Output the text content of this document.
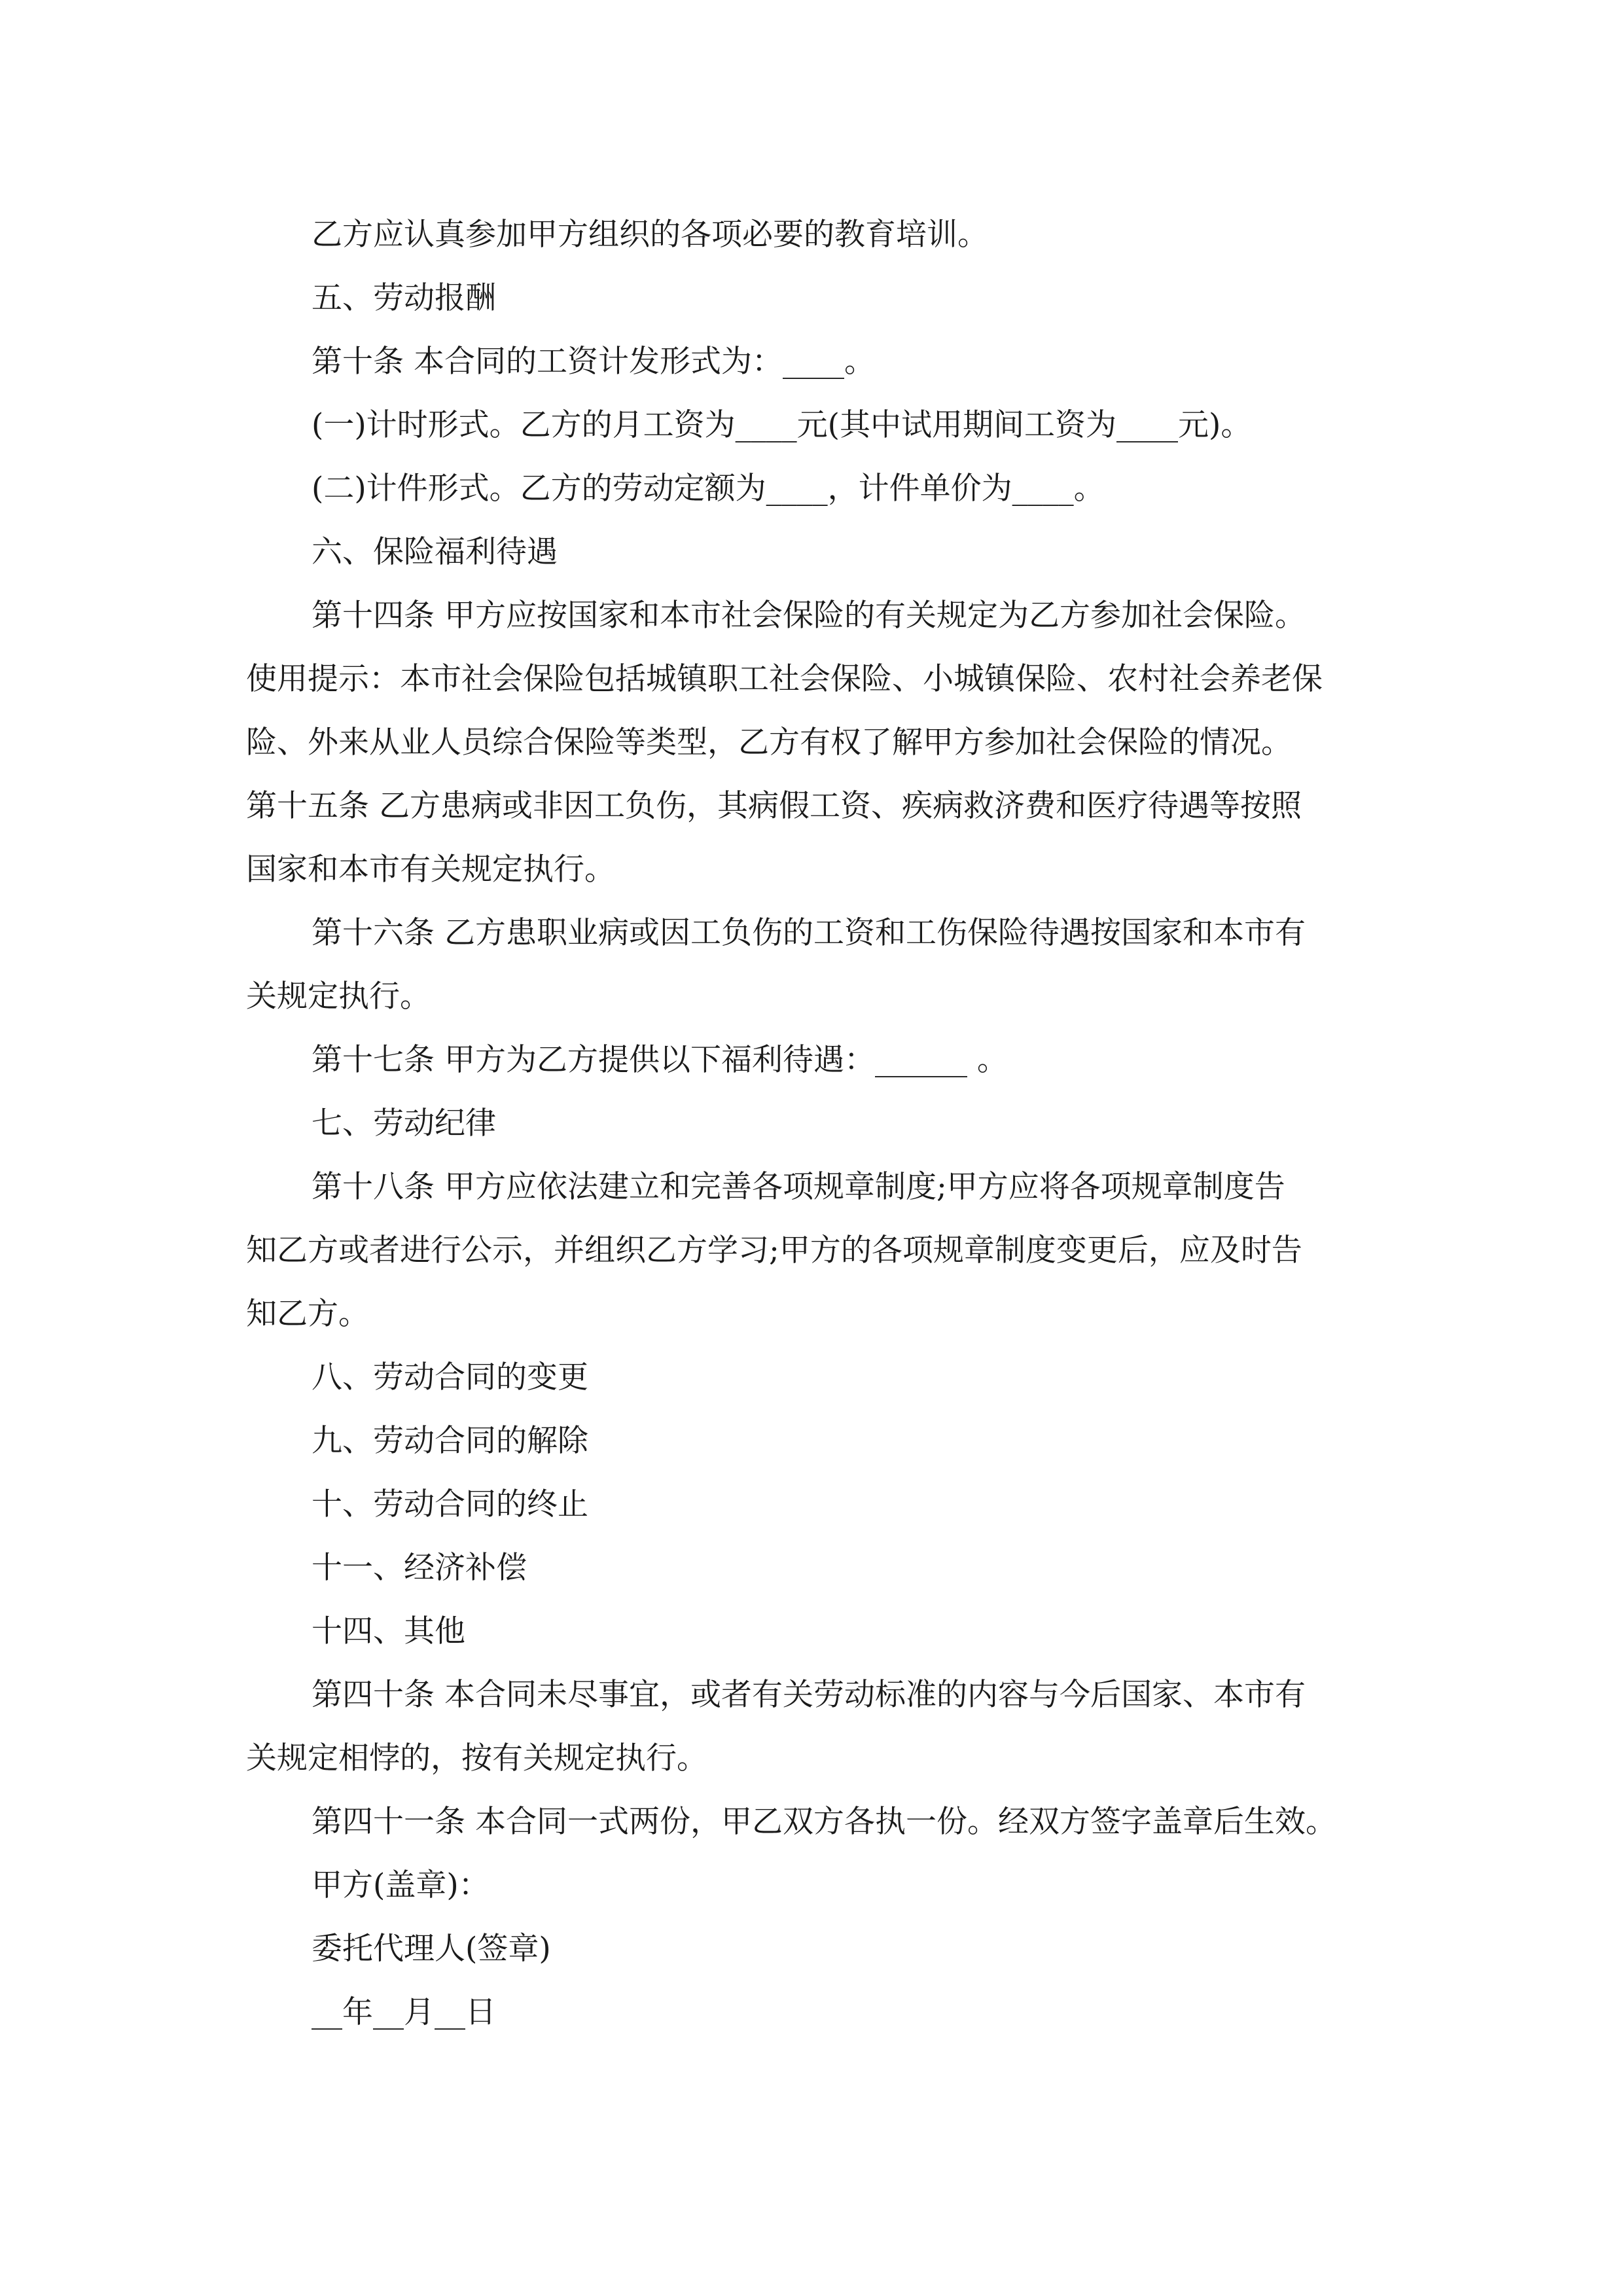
乙方应认真参加甲方组织的各项必要的教育培训。

五、劳动报酬

第十条 本合同的工资计发形式为：____。

(一)计时形式。乙方的月工资为____元(其中试用期间工资为____元)。

(二)计件形式。乙方的劳动定额为____，计件单价为____。

六、保险福利待遇

第十四条 甲方应按国家和本市社会保险的有关规定为乙方参加社会保险。

使用提示：本市社会保险包括城镇职工社会保险、小城镇保险、农村社会养老保

险、外来从业人员综合保险等类型，乙方有权了解甲方参加社会保险的情况。

第十五条 乙方患病或非因工负伤，其病假工资、疾病救济费和医疗待遇等按照

国家和本市有关规定执行。

第十六条 乙方患职业病或因工负伤的工资和工伤保险待遇按国家和本市有

关规定执行。

第十七条 甲方为乙方提供以下福利待遇：______ 。

七、劳动纪律

第十八条 甲方应依法建立和完善各项规章制度;甲方应将各项规章制度告

知乙方或者进行公示，并组织乙方学习;甲方的各项规章制度变更后，应及时告

知乙方。

八、劳动合同的变更

九、劳动合同的解除

十、劳动合同的终止

十一、经济补偿

十四、其他

第四十条 本合同未尽事宜，或者有关劳动标准的内容与今后国家、本市有

关规定相悖的，按有关规定执行。

第四十一条 本合同一式两份，甲乙双方各执一份。经双方签字盖章后生效。

甲方(盖章)：

委托代理人(签章)

__年__月__日
